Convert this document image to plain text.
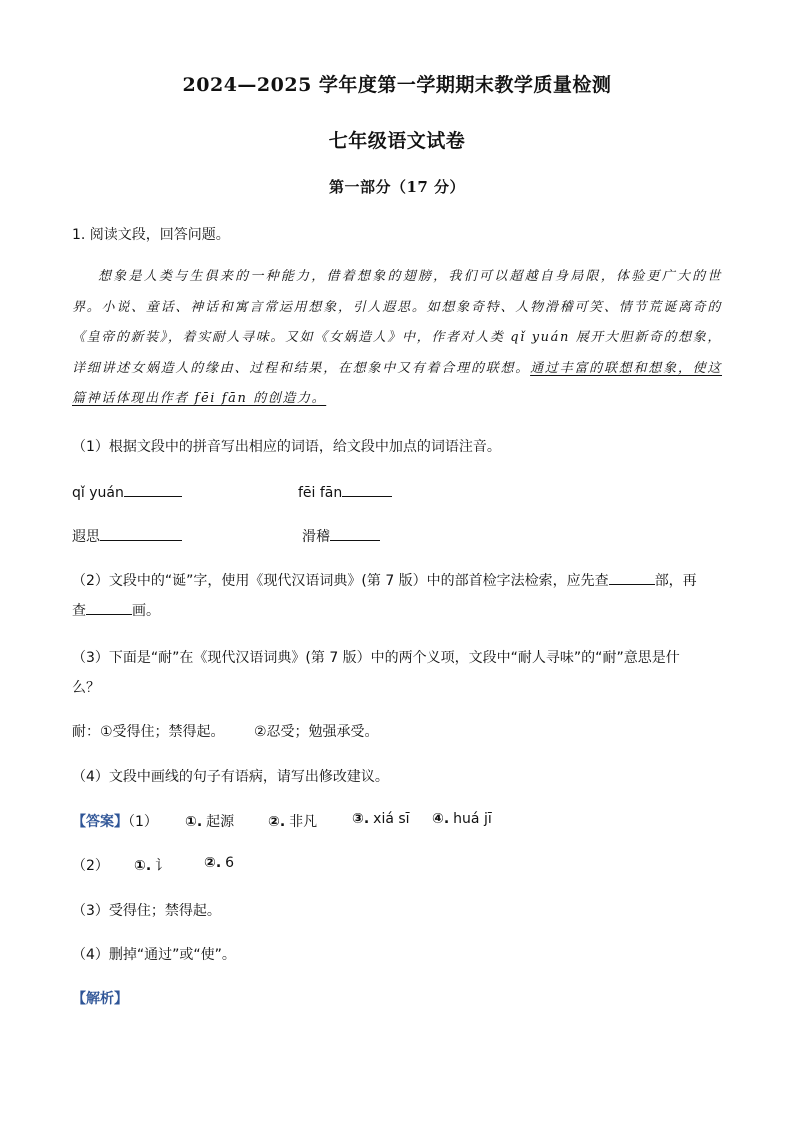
2024—2025 学年度第一学期期末教学质量检测
七年级语文试卷
第一部分（17 分）
1. 阅读文段，回答问题。
想象是人类与生俱来的一种能力，借着想象的翅膀，我们可以超越自身局限，体验更广大的世界。小说、童话、神话和寓言常运用想象，引人遐思。如想象奇特、人物滑稽可笑、情节荒诞离奇的《皇帝的新装》，着实耐人寻味。又如《女娲造人》中，作者对人类 qǐ yuán 展开大胆新奇的想象，详细讲述女娲造人的缘由、过程和结果，在想象中又有着合理的联想。通过丰富的联想和想象，使这篇神话体现出作者 fēi fān 的创造力。
（1）根据文段中的拼音写出相应的词语，给文段中加点的词语注音。
qǐ yuán	fēi fān
遐思	滑稽
（2）文段中的“诞”字，使用《现代汉语词典》(第 7 版）中的部首检字法检索，应先查	部，再
查	画。
（3）下面是“耐”在《现代汉语词典》(第 7 版）中的两个义项，文段中“耐人寻味”的“耐”意思是什
么？
耐：①受得住；禁得起。 ②忍受；勉强承受。
（4）文段中画线的句子有语病，请写出修改建议。
【答案】（1） ①. 起源 ②. 非凡 ③. xiá sī ④. huá jī
（2） ①. 讠 ②. 6
（3）受得住；禁得起。
（4）删掉“通过”或“使”。
【解析】
